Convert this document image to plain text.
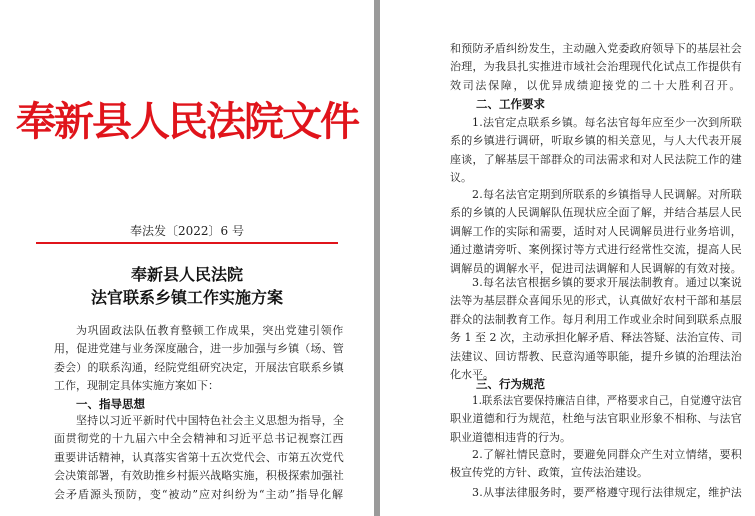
奉新县人民法院文件
奉法发〔2022〕6 号
奉新县人民法院
法官联系乡镇工作实施方案
为巩固政法队伍教育整顿工作成果，突出党建引领作
用，促进党建与业务深度融合，进一步加强与乡镇（场、管
委会）的联系沟通，经院党组研究决定，开展法官联系乡镇
工作，现制定具体实施方案如下：
一、指导思想
坚持以习近平新时代中国特色社会主义思想为指导，全
面贯彻党的十九届六中全会精神和习近平总书记视察江西
重要讲话精神，认真落实省第十五次党代会、市第五次党代
会决策部署，有效助推乡村振兴战略实施，积极探索加强社
会矛盾源头预防，变“被动”应对纠纷为“主动”指导化解
和预防矛盾纠纷发生，主动融入党委政府领导下的基层社会
治理，为我县扎实推进市域社会治理现代化试点工作提供有
效司法保障，以优异成绩迎接党的二十大胜利召开。
二、工作要求
1.法官定点联系乡镇。每名法官每年应至少一次到所联
系的乡镇进行调研，听取乡镇的相关意见，与人大代表开展
座谈，了解基层干部群众的司法需求和对人民法院工作的建
议。
2.每名法官定期到所联系的乡镇指导人民调解。对所联
系的乡镇的人民调解队伍现状应全面了解，并结合基层人民
调解工作的实际和需要，适时对人民调解员进行业务培训，
通过邀请旁听、案例探讨等方式进行经常性交流，提高人民
调解员的调解水平，促进司法调解和人民调解的有效对接。
3.每名法官根据乡镇的要求开展法制教育。通过以案说
法等为基层群众喜闻乐见的形式，认真做好农村干部和基层
群众的法制教育工作。每月利用工作或业余时间到联系点服
务 1 至 2 次，主动承担化解矛盾、释法答疑、法治宣传、司
法建议、回访帮教、民意沟通等职能，提升乡镇的治理法治
化水平。
三、行为规范
1.联系法官要保持廉洁自律，严格要求自己，自觉遵守法官
职业道德和行为规范，杜绝与法官职业形象不相称、与法官
职业道德相违背的行为。
2.了解社情民意时，要避免同群众产生对立情绪，要积
极宣传党的方针、政策，宣传法治建设。
3.从事法律服务时，要严格遵守现行法律规定，维护法
